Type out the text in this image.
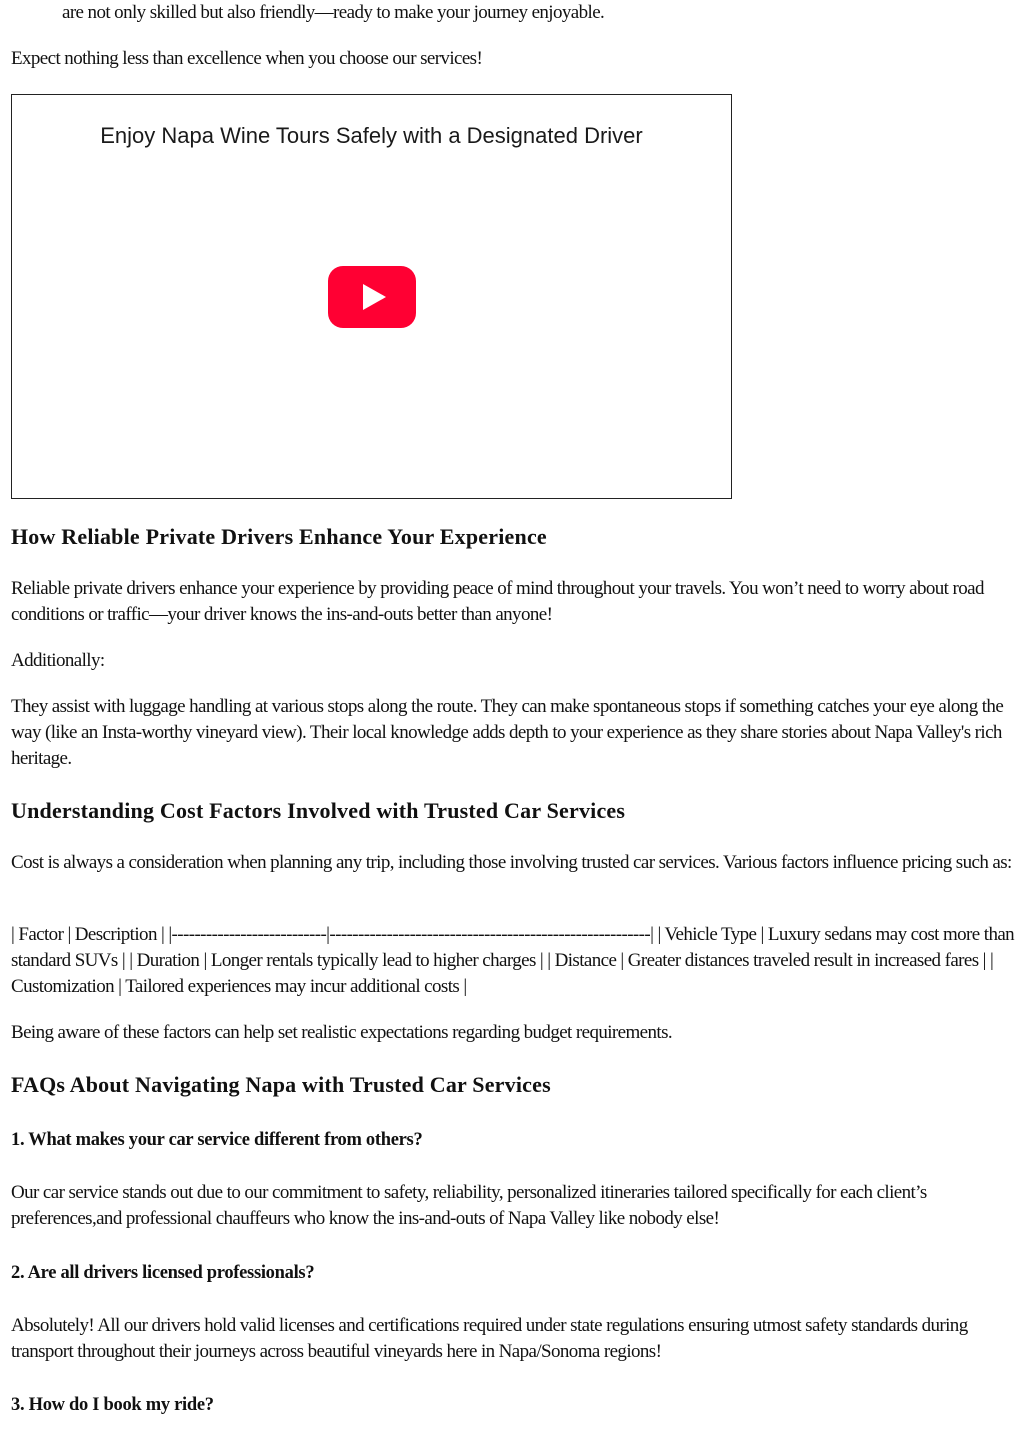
are not only skilled but also friendly—ready to make your journey enjoyable.

Expect nothing less than excellence when you choose our services!

Enjoy Napa Wine Tours Safely with a Designated Driver
How Reliable Private Drivers Enhance Your Experience

Reliable private drivers enhance your experience by providing peace of mind throughout your travels. You won’t need to worry about road conditions or traffic—your driver knows the ins-and-outs better than anyone!

Additionally:

They assist with luggage handling at various stops along the route. They can make spontaneous stops if something catches your eye along the way (like an Insta-worthy vineyard view). Their local knowledge adds depth to your experience as they share stories about Napa Valley's rich heritage.

Understanding Cost Factors Involved with Trusted Car Services

Cost is always a consideration when planning any trip, including those involving trusted car services. Various factors influence pricing such as:

| Factor | Description | |---------------------------|--------------------------------------------------------| | Vehicle Type | Luxury sedans may cost more than standard SUVs | | Duration | Longer rentals typically lead to higher charges | | Distance | Greater distances traveled result in increased fares | | Customization | Tailored experiences may incur additional costs |

Being aware of these factors can help set realistic expectations regarding budget requirements.

FAQs About Navigating Napa with Trusted Car Services
1. What makes your car service different from others?

Our car service stands out due to our commitment to safety, reliability, personalized itineraries tailored specifically for each client’s preferences,and professional chauffeurs who know the ins-and-outs of Napa Valley like nobody else!

2. Are all drivers licensed professionals?

Absolutely! All our drivers hold valid licenses and certifications required under state regulations ensuring utmost safety standards during transport throughout their journeys across beautiful vineyards here in Napa/Sonoma regions!

3. How do I book my ride?
